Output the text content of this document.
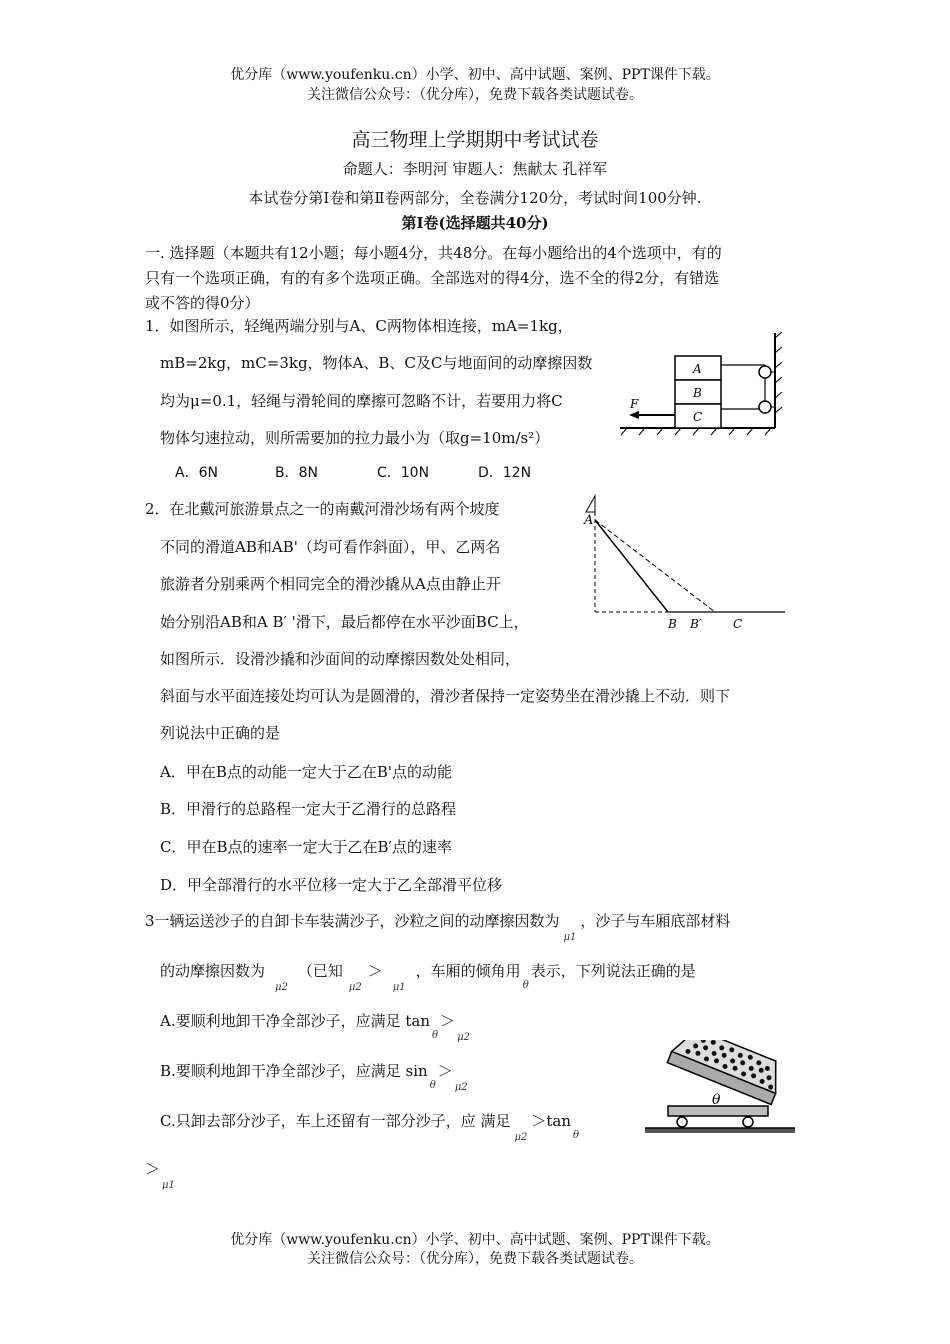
优分库（www.youfenku.cn）小学、初中、高中试题、案例、PPT课件下载。
关注微信公众号：（优分库），免费下载各类试题试卷。
高三物理上学期期中考试试卷
命题人：李明河 审题人：焦献太 孔祥军
本试卷分第I卷和第Ⅱ卷两部分，全卷满分120分，考试时间100分钟.
第I卷(选择题共40分)
一. 选择题（本题共有12小题；每小题4分，共48分。在每小题给出的4个选项中，有的
只有一个选项正确，有的有多个选项正确。全部选对的得4分，选不全的得2分，有错选
或不答的得0分）
1．如图所示，轻绳两端分别与A、C两物体相连接，mA=1kg，
mB=2kg，mC=3kg，物体A、B、C及C与地面间的动摩擦因数
均为μ=0.1，轻绳与滑轮间的摩擦可忽略不计，若要用力将C
物体匀速拉动，则所需要加的拉力最小为（取g=10m/s²）
A．6N	B．8N	C．10N	D．12N
A
B
C
F
2．在北戴河旅游景点之一的南戴河滑沙场有两个坡度
不同的滑道AB和AB'（均可看作斜面），甲、乙两名
旅游者分别乘两个相同完全的滑沙撬从A点由静止开
始分别沿AB和A B′ '滑下，最后都停在水平沙面BC上，
如图所示．设滑沙撬和沙面间的动摩擦因数处处相同，
斜面与水平面连接处均可认为是圆滑的，滑沙者保持一定姿势坐在滑沙撬上不动．则下
列说法中正确的是
A．甲在B点的动能一定大于乙在B'点的动能
B．甲滑行的总路程一定大于乙滑行的总路程
C．甲在B点的速率一定大于乙在B′点的速率
D．甲全部滑行的水平位移一定大于乙全部滑平位移
A
B B′	C
3一辆运送沙子的自卸卡车装满沙子，沙粒之间的动摩擦因数为$_{\mu 1}$，沙子与车厢底部材料
的动摩擦因数为$_{\mu 2}$（已知$_{\mu 2}>_{\mu 1}$，车厢的倾角用$_\theta$表示，下列说法正确的是
A.要顺利地卸干净全部沙子，应满足 $\tan_\theta>_{\mu 2}$
B.要顺利地卸干净全部沙子，应满足 $\sin_\theta>_{\mu 2}$
C.只卸去部分沙子，车上还留有一部分沙子，应 满足$_{\mu 2}>\tan_\theta$
$>_{\mu 1}$
θ
优分库（www.youfenku.cn）小学、初中、高中试题、案例、PPT课件下载。
关注微信公众号：（优分库），免费下载各类试题试卷。
